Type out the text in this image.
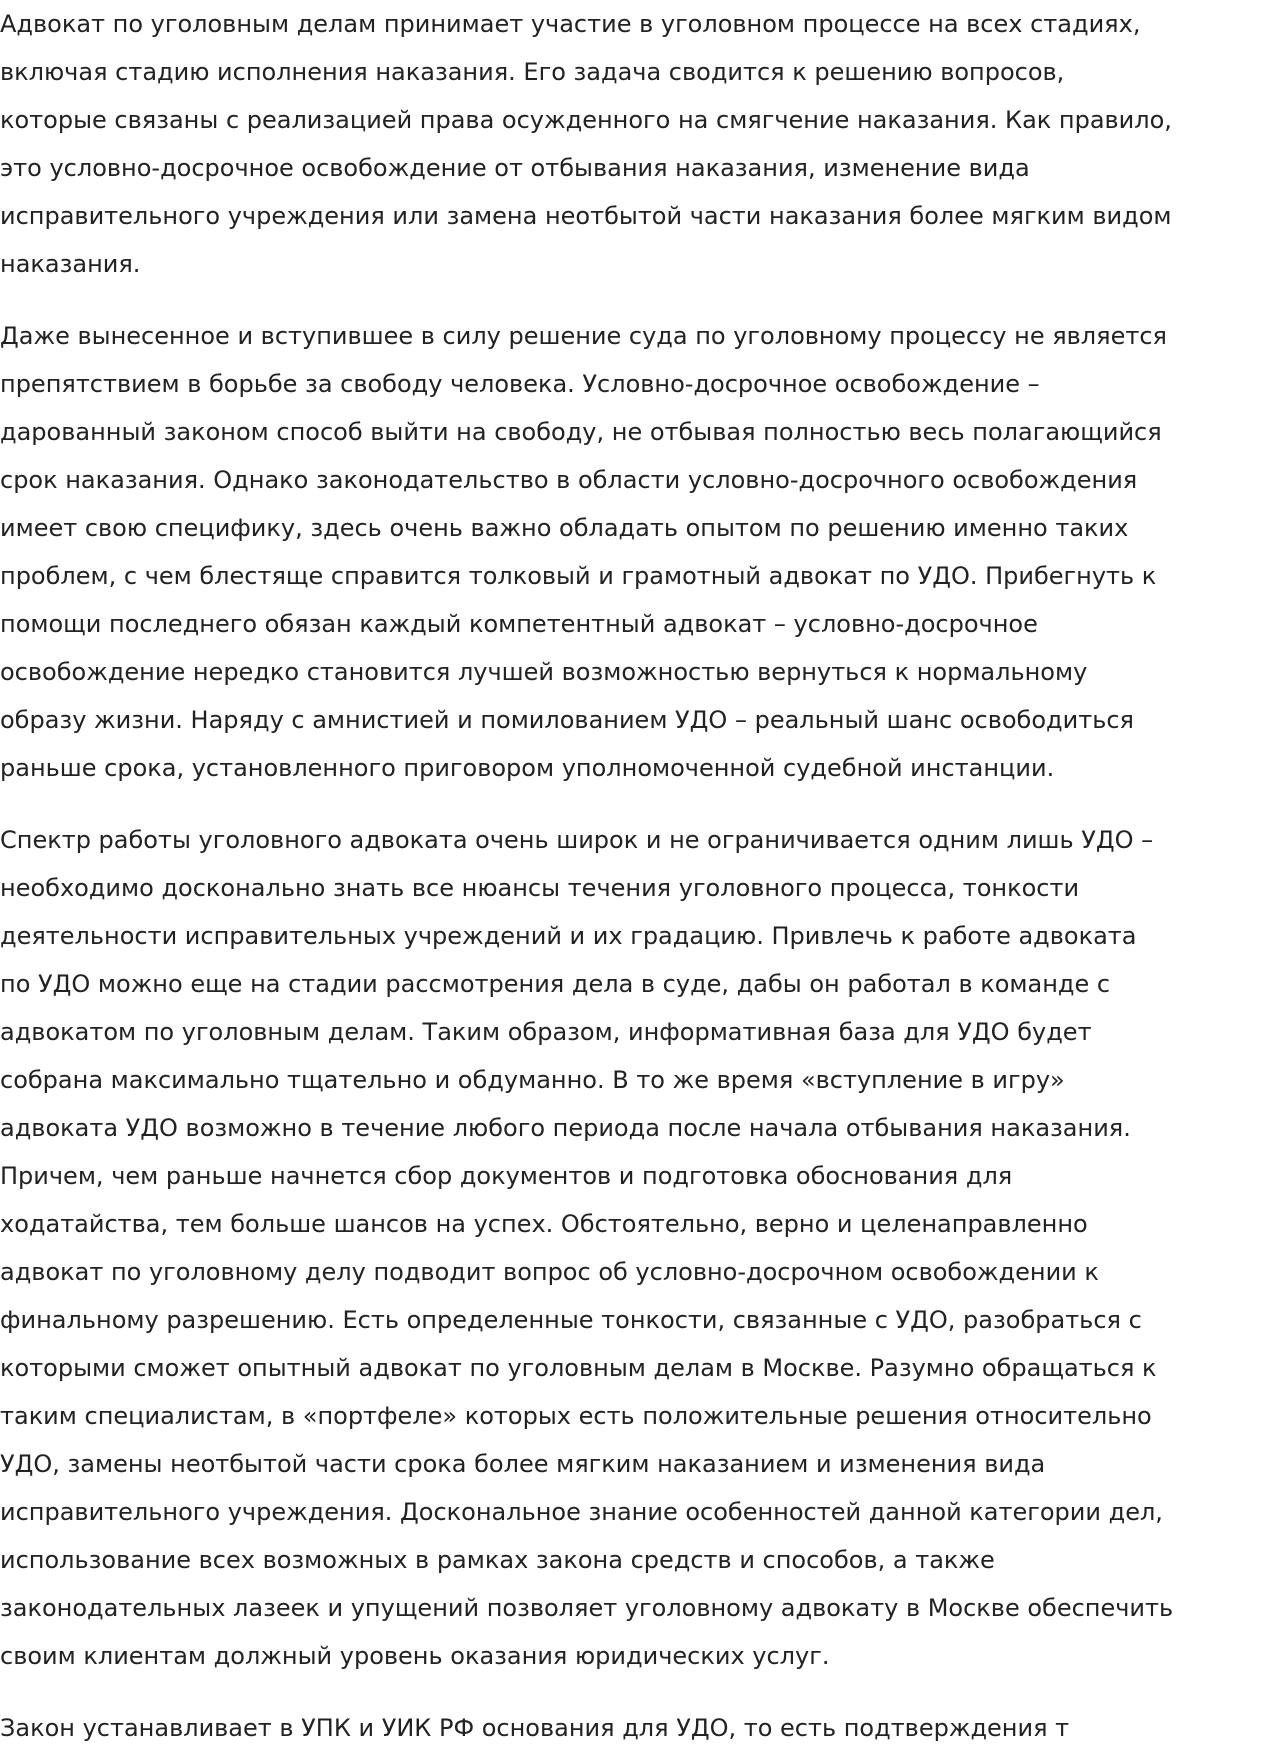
Адвокат по уголовным делам принимает участие в уголовном процессе на всех стадиях,
включая стадию исполнения наказания. Его задача сводится к решению вопросов,
которые связаны с реализацией права осужденного на смягчение наказания. Как правило,
это условно-досрочное освобождение от отбывания наказания, изменение вида
исправительного учреждения или замена неотбытой части наказания более мягким видом
наказания.
Даже вынесенное и вступившее в силу решение суда по уголовному процессу не является
препятствием в борьбе за свободу человека. Условно-досрочное освобождение –
дарованный законом способ выйти на свободу, не отбывая полностью весь полагающийся
срок наказания. Однако законодательство в области условно-досрочного освобождения
имеет свою специфику, здесь очень важно обладать опытом по решению именно таких
проблем, с чем блестяще справится толковый и грамотный адвокат по УДО. Прибегнуть к
помощи последнего обязан каждый компетентный адвокат – условно-досрочное
освобождение нередко становится лучшей возможностью вернуться к нормальному
образу жизни. Наряду с амнистией и помилованием УДО – реальный шанс освободиться
раньше срока, установленного приговором уполномоченной судебной инстанции.
Спектр работы уголовного адвоката очень широк и не ограничивается одним лишь УДО –
необходимо досконально знать все нюансы течения уголовного процесса, тонкости
деятельности исправительных учреждений и их градацию. Привлечь к работе адвоката
по УДО можно еще на стадии рассмотрения дела в суде, дабы он работал в команде с
адвокатом по уголовным делам. Таким образом, информативная база для УДО будет
собрана максимально тщательно и обдуманно. В то же время «вступление в игру»
адвоката УДО возможно в течение любого периода после начала отбывания наказания.
Причем, чем раньше начнется сбор документов и подготовка обоснования для
ходатайства, тем больше шансов на успех. Обстоятельно, верно и целенаправленно
адвокат по уголовному делу подводит вопрос об условно-досрочном освобождении к
финальному разрешению. Есть определенные тонкости, связанные с УДО, разобраться с
которыми сможет опытный адвокат по уголовным делам в Москве. Разумно обращаться к
таким специалистам, в «портфеле» которых есть положительные решения относительно
УДО, замены неотбытой части срока более мягким наказанием и изменения вида
исправительного учреждения. Доскональное знание особенностей данной категории дел,
использование всех возможных в рамках закона средств и способов, а также
законодательных лазеек и упущений позволяет уголовному адвокату в Москве обеспечить
своим клиентам должный уровень оказания юридических услуг.
Закон устанавливает в УПК и УИК РФ основания для УДО, то есть подтверждения т
